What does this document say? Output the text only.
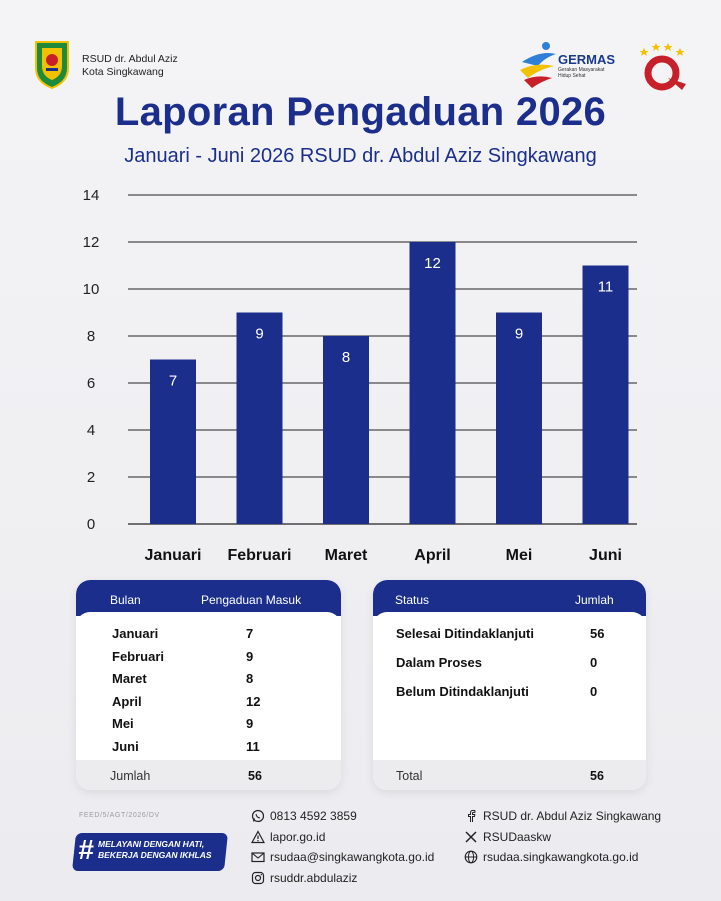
RSUD dr. Abdul Aziz
Kota Singkawang
GERMAS
Gerakan Masyarakat
Hidup Sehat
Laporan Pengaduan 2026
Januari - Juni 2026 RSUD dr. Abdul Aziz Singkawang
0
2
4
6
8
10
12
14
7
Januari
9
Februari
8
Maret
12
April
9
Mei
11
Juni
Bulan	Pengaduan Masuk
Januari	7
Februari	9
Maret	8
April	12
Mei	9
Juni	11
Jumlah	56
Status	Jumlah
Selesai Ditindaklanjuti	56
Dalam Proses	0
Belum Ditindaklanjuti	0
Total	56
FEED/5/AGT/2026/DV
# MELAYANI DENGAN HATI,
BEKERJA DENGAN IKHLAS
0813 4592 3859
lapor.go.id
rsudaa@singkawangkota.go.id
rsuddr.abdulaziz
RSUD dr. Abdul Aziz Singkawang
RSUDaaskw
rsudaa.singkawangkota.go.id
